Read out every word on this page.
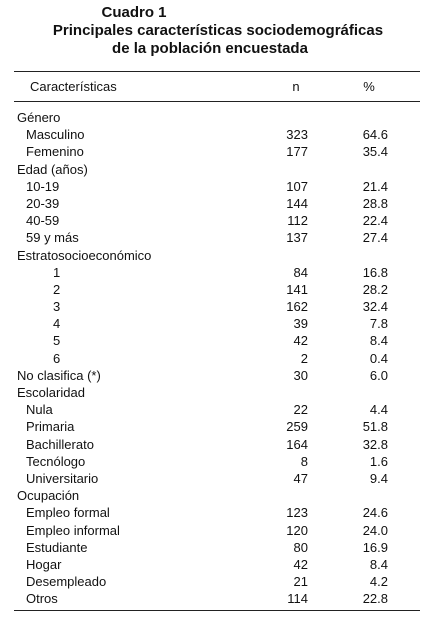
Cuadro 1
Principales características sociodemográficas
de la población encuestada
Características	n	%
Género
Masculino	323	64.6
Femenino	177	35.4
Edad (años)
10-19	107	21.4
20-39	144	28.8
40-59	112	22.4
59 y más	137	27.4
Estratosocioeconómico
1	84	16.8
2	141	28.2
3	162	32.4
4	39	7.8
5	42	8.4
6	2	0.4
No clasifica (*)	30	6.0
Escolaridad
Nula	22	4.4
Primaria	259	51.8
Bachillerato	164	32.8
Tecnólogo	8	1.6
Universitario	47	9.4
Ocupación
Empleo formal	123	24.6
Empleo informal	120	24.0
Estudiante	80	16.9
Hogar	42	8.4
Desempleado	21	4.2
Otros	114	22.8
